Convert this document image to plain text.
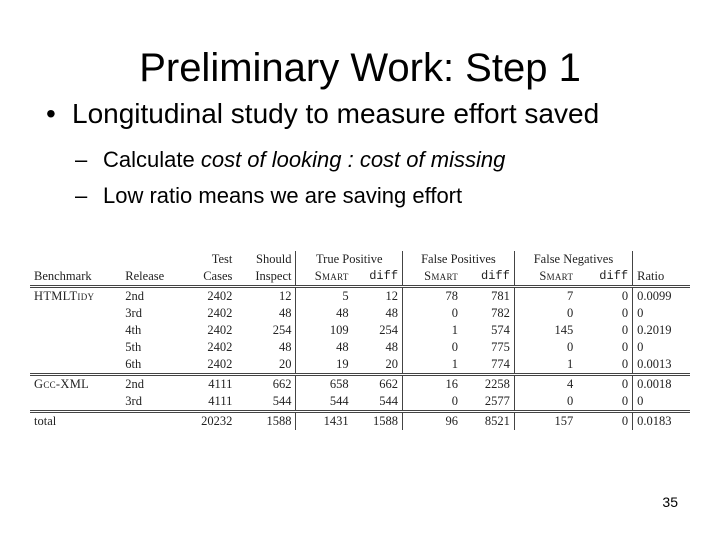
Preliminary Work: Step 1
• Longitudinal study to measure effort saved
– Calculate cost of looking : cost of missing
– Low ratio means we are saving effort
		Test	Should	True Positive		False Positives		False Negatives		
Benchmark	Release	Cases	Inspect	Smart	diff	Smart	diff	Smart	diff	Ratio
HTMLTidy	2nd	2402	12	5	12	78	781	7	0	0.0099
	3rd	2402	48	48	48	0	782	0	0	0
	4th	2402	254	109	254	1	574	145	0	0.2019
	5th	2402	48	48	48	0	775	0	0	0
	6th	2402	20	19	20	1	774	1	0	0.0013
Gcc-XML	2nd	4111	662	658	662	16	2258	4	0	0.0018
	3rd	4111	544	544	544	0	2577	0	0	0
total		20232	1588	1431	1588	96	8521	157	0	0.0183
35
